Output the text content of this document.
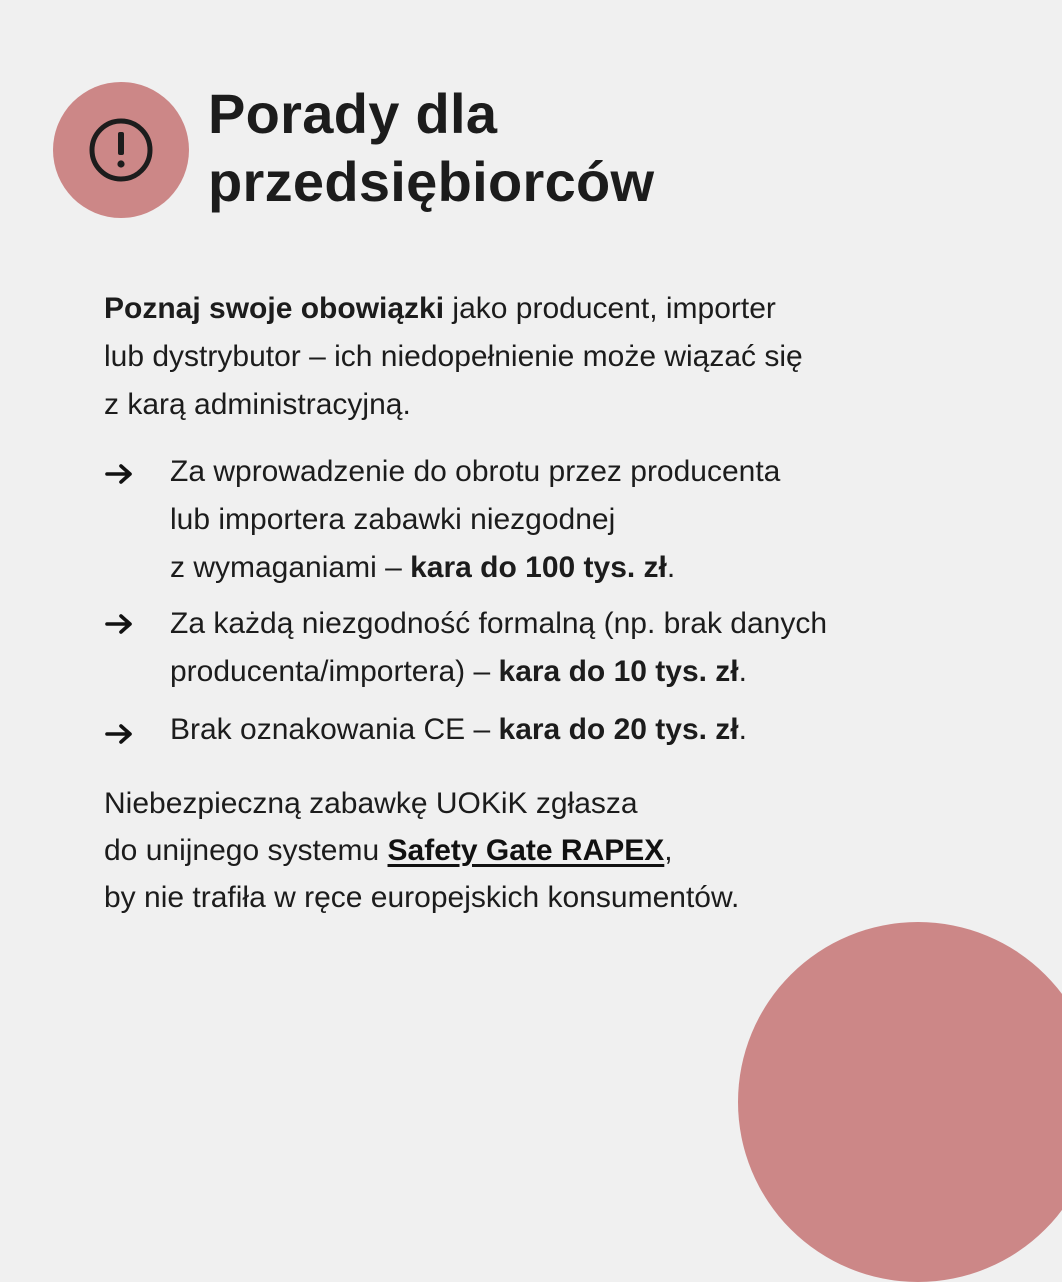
Porady dla
przedsiębiorców

Poznaj swoje obowiązki jako producent, importer
lub dystrybutor – ich niedopełnienie może wiązać się
z karą administracyjną.

Za wprowadzenie do obrotu przez producenta
lub importera zabawki niezgodnej
z wymaganiami – kara do 100 tys. zł.
Za każdą niezgodność formalną (np. brak danych
producenta/importera) – kara do 10 tys. zł.
Brak oznakowania CE – kara do 20 tys. zł.

Niebezpieczną zabawkę UOKiK zgłasza
do unijnego systemu Safety Gate RAPEX,
by nie trafiła w ręce europejskich konsumentów.
